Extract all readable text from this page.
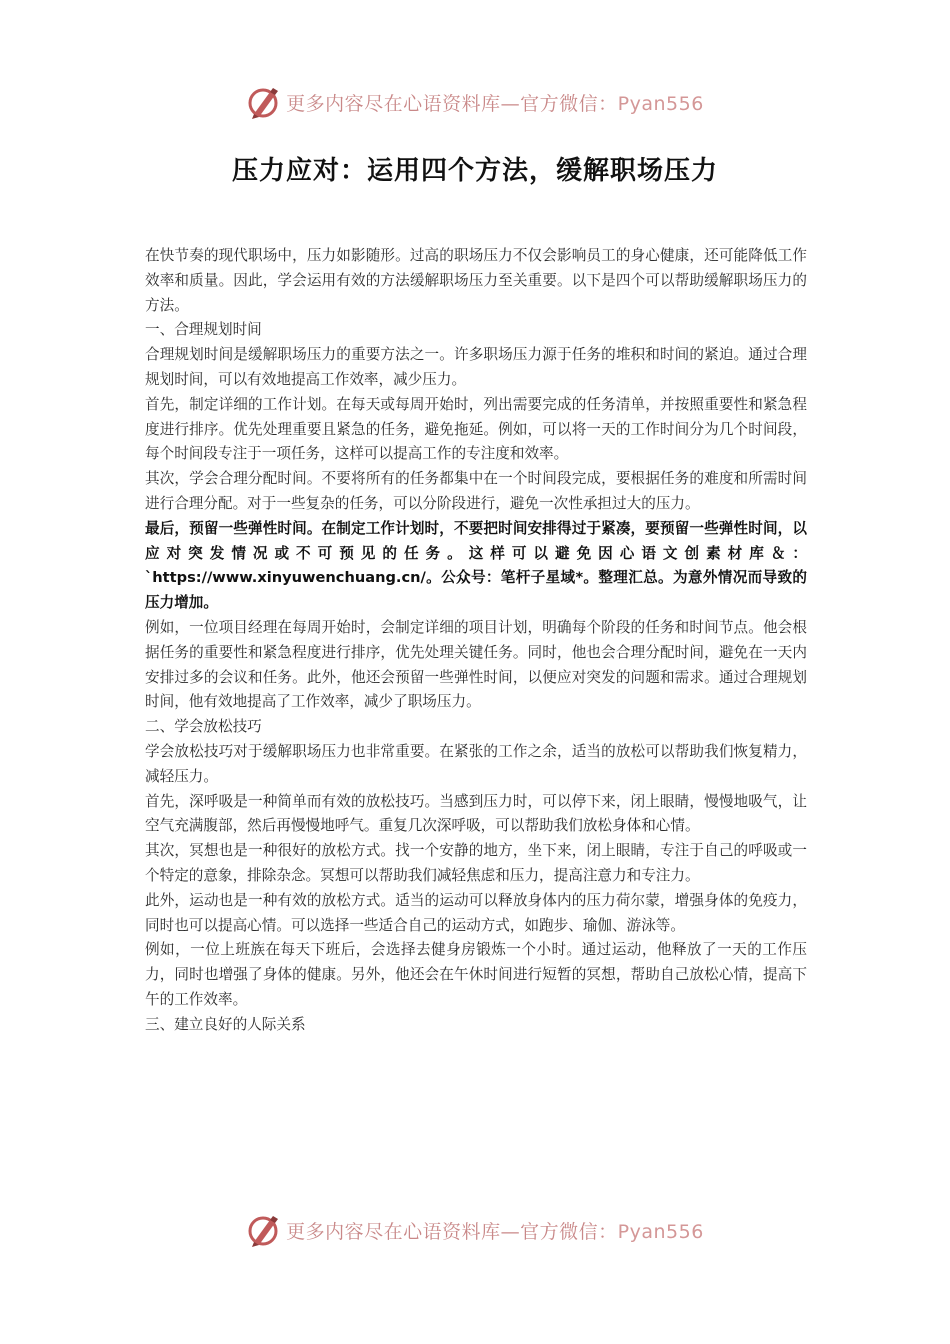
更多内容尽在心语资料库—官方微信：Pyan556
压力应对：运用四个方法，缓解职场压力

在快节奏的现代职场中，压力如影随形。过高的职场压力不仅会影响员工的身心健康，还可能降低工作效率和质量。因此，学会运用有效的方法缓解职场压力至关重要。以下是四个可以帮助缓解职场压力的方法。

一、合理规划时间

合理规划时间是缓解职场压力的重要方法之一。许多职场压力源于任务的堆积和时间的紧迫。通过合理规划时间，可以有效地提高工作效率，减少压力。

首先，制定详细的工作计划。在每天或每周开始时，列出需要完成的任务清单，并按照重要性和紧急程度进行排序。优先处理重要且紧急的任务，避免拖延。例如，可以将一天的工作时间分为几个时间段，每个时间段专注于一项任务，这样可以提高工作的专注度和效率。

其次，学会合理分配时间。不要将所有的任务都集中在一个时间段完成，要根据任务的难度和所需时间进行合理分配。对于一些复杂的任务，可以分阶段进行，避免一次性承担过大的压力。

最后，预留一些弹性时间。在制定工作计划时，不要把时间安排得过于紧凑，要预留一些弹性时间，以应对突发情况或不可预见的任务。这样可以避免因心语文创素材库＆：`https://www.xinyuwenchuang.cn/。公众号：笔杆子星域*。整理汇总。为意外情况而导致的压力增加。

例如，一位项目经理在每周开始时，会制定详细的项目计划，明确每个阶段的任务和时间节点。他会根据任务的重要性和紧急程度进行排序，优先处理关键任务。同时，他也会合理分配时间，避免在一天内安排过多的会议和任务。此外，他还会预留一些弹性时间，以便应对突发的问题和需求。通过合理规划时间，他有效地提高了工作效率，减少了职场压力。

二、学会放松技巧

学会放松技巧对于缓解职场压力也非常重要。在紧张的工作之余，适当的放松可以帮助我们恢复精力，减轻压力。

首先，深呼吸是一种简单而有效的放松技巧。当感到压力时，可以停下来，闭上眼睛，慢慢地吸气，让空气充满腹部，然后再慢慢地呼气。重复几次深呼吸，可以帮助我们放松身体和心情。

其次，冥想也是一种很好的放松方式。找一个安静的地方，坐下来，闭上眼睛，专注于自己的呼吸或一个特定的意象，排除杂念。冥想可以帮助我们减轻焦虑和压力，提高注意力和专注力。

此外，运动也是一种有效的放松方式。适当的运动可以释放身体内的压力荷尔蒙，增强身体的免疫力，同时也可以提高心情。可以选择一些适合自己的运动方式，如跑步、瑜伽、游泳等。

例如，一位上班族在每天下班后，会选择去健身房锻炼一个小时。通过运动，他释放了一天的工作压力，同时也增强了身体的健康。另外，他还会在午休时间进行短暂的冥想，帮助自己放松心情，提高下午的工作效率。

三、建立良好的人际关系

更多内容尽在心语资料库—官方微信：Pyan556
